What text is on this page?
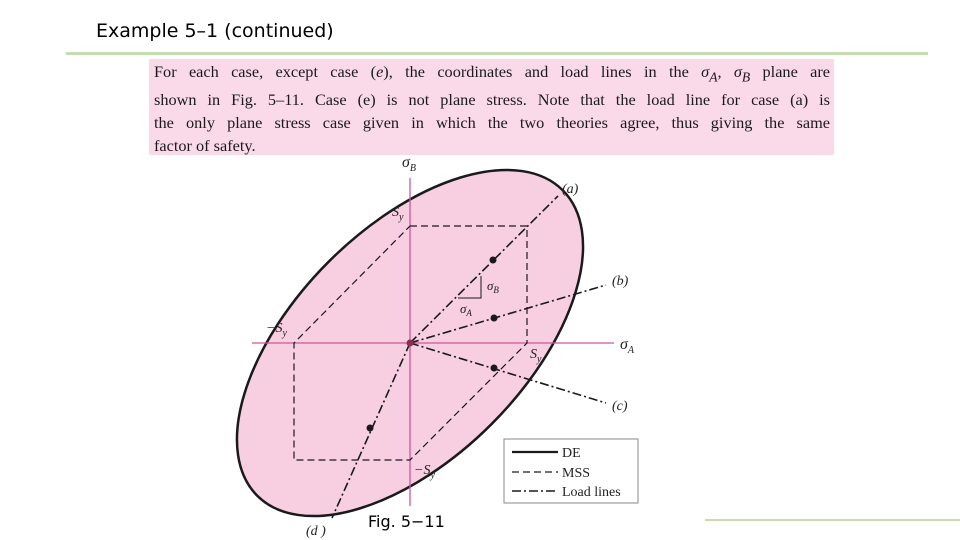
Example 5–1 (continued)
For each case, except case (e), the coordinates and load lines in the $\sigma_A$, $\sigma_B$ plane are
shown in Fig. 5–11. Case (e) is not plane stress. Note that the load line for case (a) is
the only plane stress case given in which the two theories agree, thus giving the same
factor of safety.
$\sigma_B$
$\sigma_A$
$S_y$
$S_y$
$-S_y$
$-S_y$
(a)
(b)
(c)
(d )
$\sigma_B$
$\sigma_A$
DE
MSS
Load lines
Fig. 5−11
